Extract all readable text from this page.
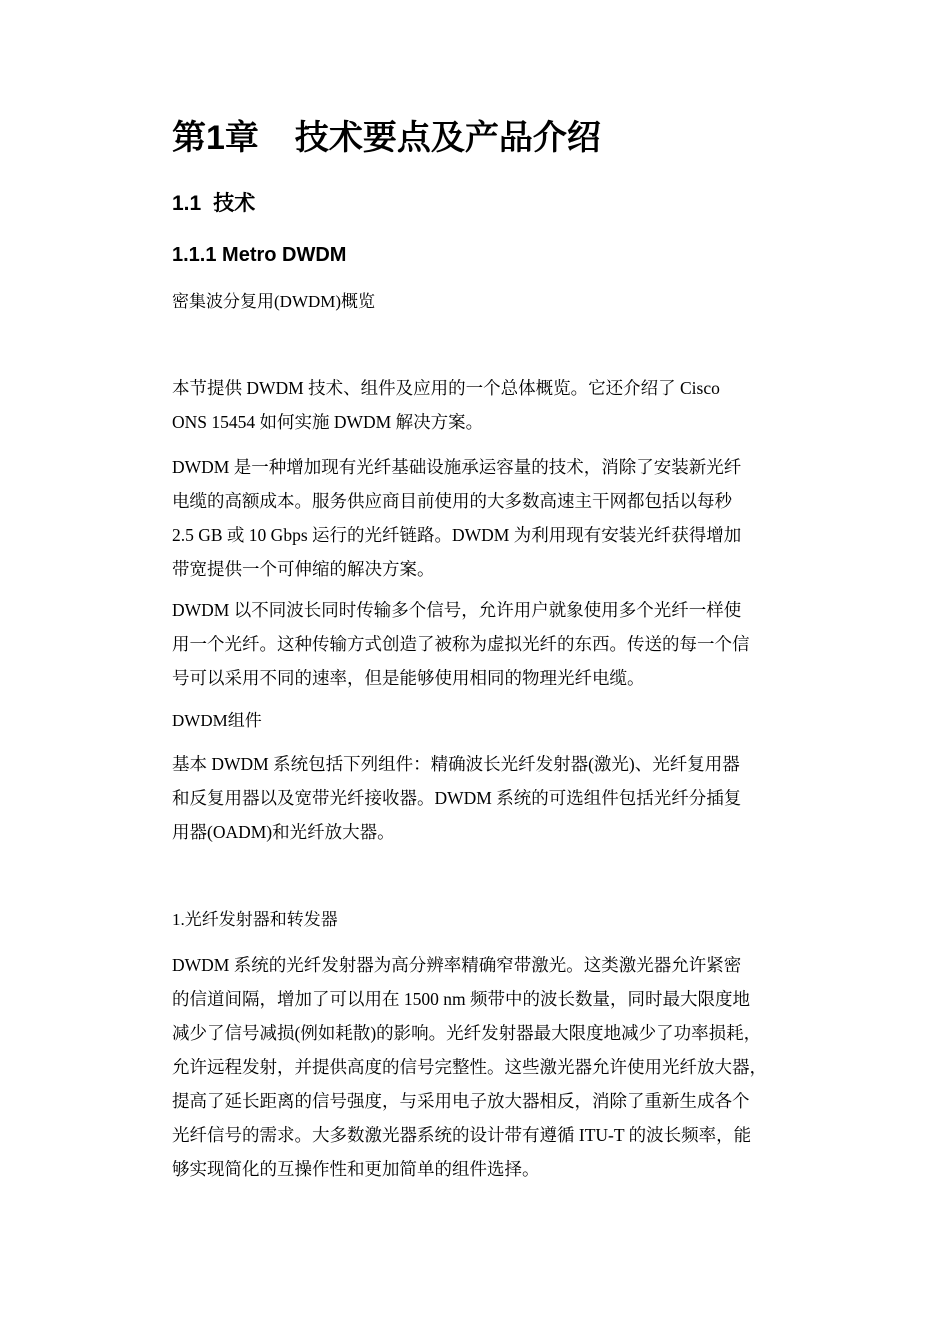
第1章 技术要点及产品介绍
1.1 技术
1.1.1 Metro DWDM

密集波分复用(DWDM)概览

本节提供 DWDM 技术、组件及应用的一个总体概览。它还介绍了 Cisco

ONS 15454 如何实施 DWDM 解决方案。

DWDM 是一种增加现有光纤基础设施承运容量的技术，消除了安装新光纤

电缆的高额成本。服务供应商目前使用的大多数高速主干网都包括以每秒

2.5 GB 或 10 Gbps 运行的光纤链路。DWDM 为利用现有安装光纤获得增加

带宽提供一个可伸缩的解决方案。

DWDM 以不同波长同时传输多个信号，允许用户就象使用多个光纤一样使

用一个光纤。这种传输方式创造了被称为虚拟光纤的东西。传送的每一个信

号可以采用不同的速率，但是能够使用相同的物理光纤电缆。

DWDM组件

基本 DWDM 系统包括下列组件：精确波长光纤发射器(激光)、光纤复用器

和反复用器以及宽带光纤接收器。DWDM 系统的可选组件包括光纤分插复

用器(OADM)和光纤放大器。

1.光纤发射器和转发器

DWDM 系统的光纤发射器为高分辨率精确窄带激光。这类激光器允许紧密

的信道间隔，增加了可以用在 1500 nm 频带中的波长数量，同时最大限度地

减少了信号减损(例如耗散)的影响。光纤发射器最大限度地减少了功率损耗，

允许远程发射，并提供高度的信号完整性。这些激光器允许使用光纤放大器，

提高了延长距离的信号强度，与采用电子放大器相反，消除了重新生成各个

光纤信号的需求。大多数激光器系统的设计带有遵循 ITU-T 的波长频率，能

够实现简化的互操作性和更加简单的组件选择。
